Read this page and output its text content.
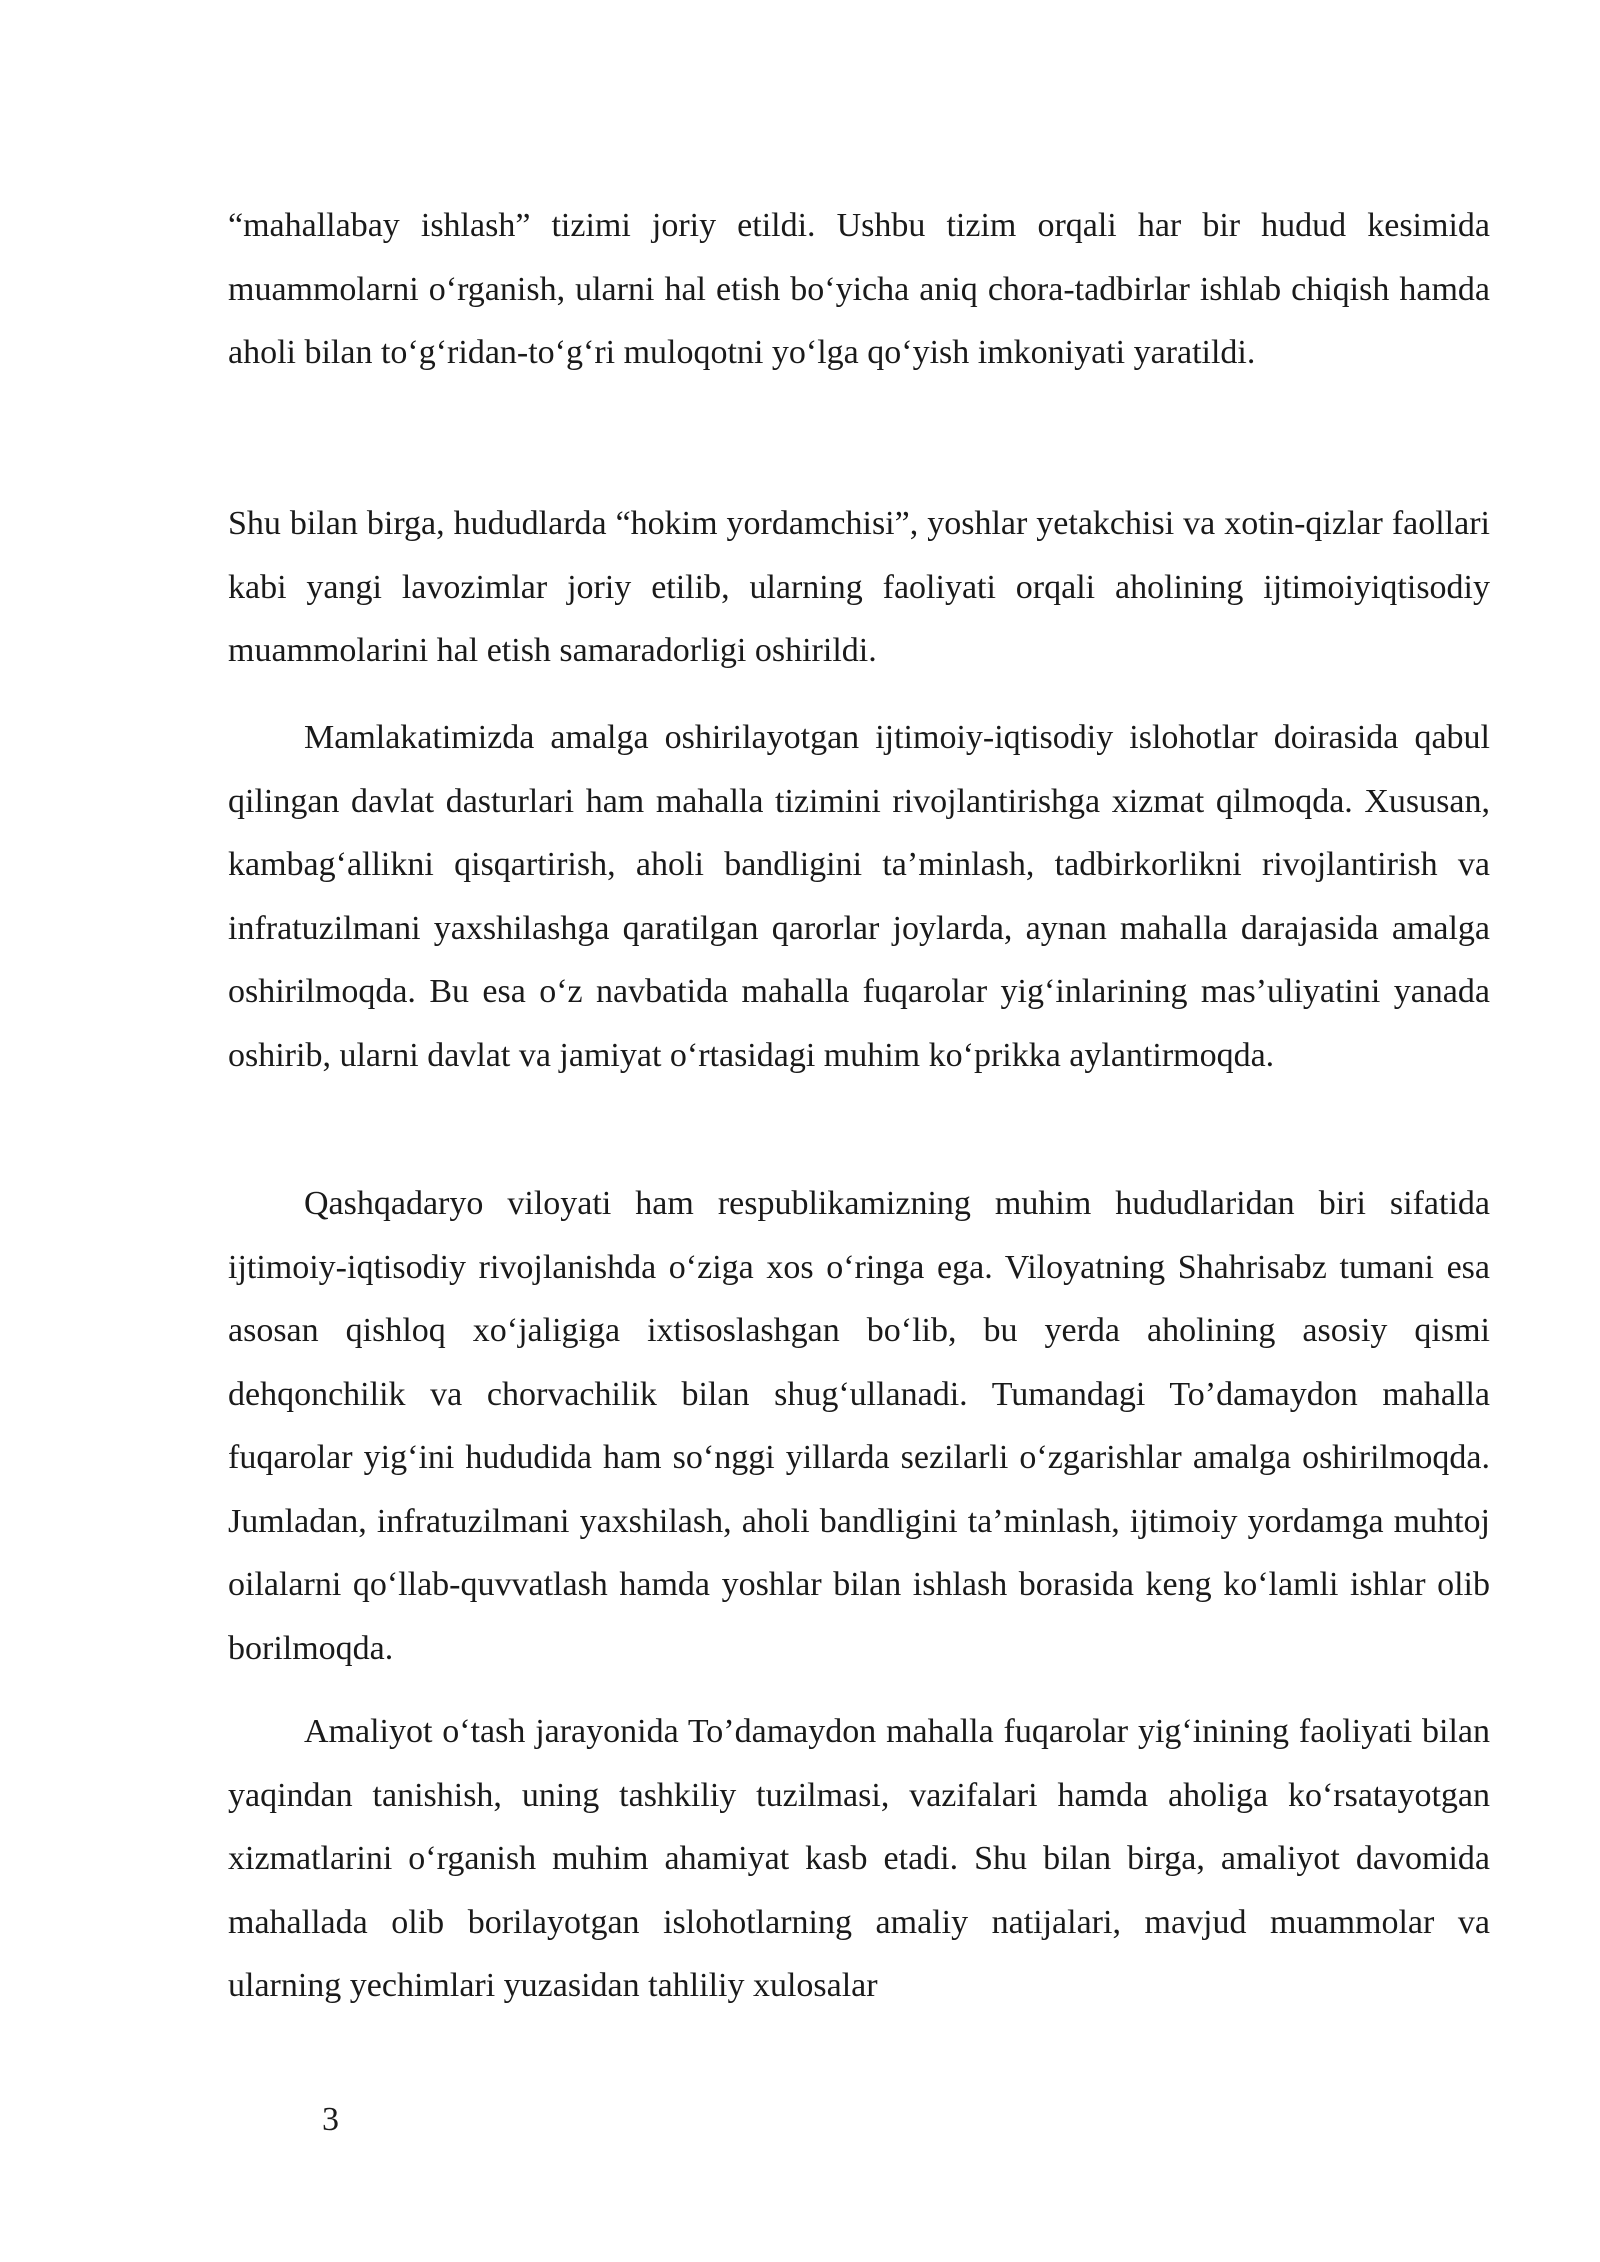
“mahallabay ishlash” tizimi joriy etildi. Ushbu tizim orqali har bir hudud kesimida muammolarni o‘rganish, ularni hal etish bo‘yicha aniq chora-tadbirlar ishlab chiqish hamda aholi bilan to‘g‘ridan-to‘g‘ri muloqotni yo‘lga qo‘yish imkoniyati yaratildi.

Shu bilan birga, hududlarda “hokim yordamchisi”, yoshlar yetakchisi va xotin-qizlar faollari kabi yangi lavozimlar joriy etilib, ularning faoliyati orqali aholining ijtimoiyiqtisodiy muammolarini hal etish samaradorligi oshirildi.

Mamlakatimizda amalga oshirilayotgan ijtimoiy-iqtisodiy islohotlar doirasida qabul qilingan davlat dasturlari ham mahalla tizimini rivojlantirishga xizmat qilmoqda. Xususan, kambag‘allikni qisqartirish, aholi bandligini ta’minlash, tadbirkorlikni rivojlantirish va infratuzilmani yaxshilashga qaratilgan qarorlar joylarda, aynan mahalla darajasida amalga oshirilmoqda. Bu esa o‘z navbatida mahalla fuqarolar yig‘inlarining mas’uliyatini yanada oshirib, ularni davlat va jamiyat o‘rtasidagi muhim ko‘prikka aylantirmoqda.

Qashqadaryo viloyati ham respublikamizning muhim hududlaridan biri sifatida ijtimoiy-iqtisodiy rivojlanishda o‘ziga xos o‘ringa ega. Viloyatning Shahrisabz tumani esa asosan qishloq xo‘jaligiga ixtisoslashgan bo‘lib, bu yerda aholining asosiy qismi dehqonchilik va chorvachilik bilan shug‘ullanadi. Tumandagi To’damaydon mahalla fuqarolar yig‘ini hududida ham so‘nggi yillarda sezilarli o‘zgarishlar amalga oshirilmoqda. Jumladan, infratuzilmani yaxshilash, aholi bandligini ta’minlash, ijtimoiy yordamga muhtoj oilalarni qo‘llab-quvvatlash hamda yoshlar bilan ishlash borasida keng ko‘lamli ishlar olib borilmoqda.

Amaliyot o‘tash jarayonida To’damaydon mahalla fuqarolar yig‘inining faoliyati bilan yaqindan tanishish, uning tashkiliy tuzilmasi, vazifalari hamda aholiga ko‘rsatayotgan xizmatlarini o‘rganish muhim ahamiyat kasb etadi. Shu bilan birga, amaliyot davomida mahallada olib borilayotgan islohotlarning amaliy natijalari, mavjud muammolar va ularning yechimlari yuzasidan tahliliy xulosalar

3
